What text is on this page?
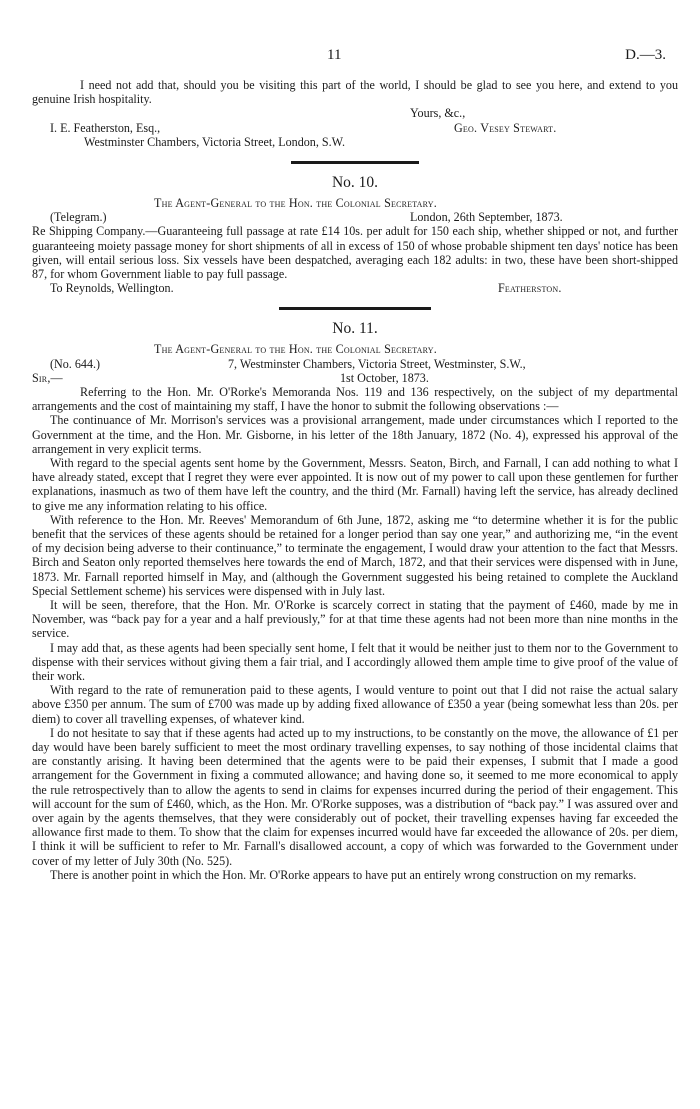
11	D.—3.

I need not add that, should you be visiting this part of the world, I should be glad to see you here, and extend to you genuine Irish hospitality.

Yours, &c.,
I. E. Featherston, Esq.,	Geo. Vesey Stewart.
Westminster Chambers, Victoria Street, London, S.W.
No. 10.
The Agent-General to the Hon. the Colonial Secretary.
(Telegram.)	London, 26th September, 1873.

Re Shipping Company.—Guaranteeing full passage at rate £14 10s. per adult for 150 each ship, whether shipped or not, and further guaranteeing moiety passage money for short shipments of all in excess of 150 of whose probable shipment ten days' notice has been given, will entail serious loss. Six vessels have been despatched, averaging each 182 adults: in two, these have been short-shipped 87, for whom Government liable to pay full passage.

To Reynolds, Wellington.	Featherston.
No. 11.
The Agent-General to the Hon. the Colonial Secretary.
(No. 644.)	7, Westminster Chambers, Victoria Street, Westminster, S.W.,
Sir,—	1st October, 1873.

Referring to the Hon. Mr. O'Rorke's Memoranda Nos. 119 and 136 respectively, on the subject of my departmental arrangements and the cost of maintaining my staff, I have the honor to submit the following observations :—

The continuance of Mr. Morrison's services was a provisional arrangement, made under circumstances which I reported to the Government at the time, and the Hon. Mr. Gisborne, in his letter of the 18th January, 1872 (No. 4), expressed his approval of the arrangement in very explicit terms.

With regard to the special agents sent home by the Government, Messrs. Seaton, Birch, and Farnall, I can add nothing to what I have already stated, except that I regret they were ever appointed. It is now out of my power to call upon these gentlemen for further explanations, inasmuch as two of them have left the country, and the third (Mr. Farnall) having left the service, has already declined to give me any information relating to his office.

With reference to the Hon. Mr. Reeves' Memorandum of 6th June, 1872, asking me “to determine whether it is for the public benefit that the services of these agents should be retained for a longer period than say one year,” and authorizing me, “in the event of my decision being adverse to their continuance,” to terminate the engagement, I would draw your attention to the fact that Messrs. Birch and Seaton only reported themselves here towards the end of March, 1872, and that their services were dispensed with in June, 1873. Mr. Farnall reported himself in May, and (although the Government suggested his being retained to complete the Auckland Special Settlement scheme) his services were dispensed with in July last.

It will be seen, therefore, that the Hon. Mr. O'Rorke is scarcely correct in stating that the payment of £460, made by me in November, was “back pay for a year and a half previously,” for at that time these agents had not been more than nine months in the service.

I may add that, as these agents had been specially sent home, I felt that it would be neither just to them nor to the Government to dispense with their services without giving them a fair trial, and I accordingly allowed them ample time to give proof of the value of their work.

With regard to the rate of remuneration paid to these agents, I would venture to point out that I did not raise the actual salary above £350 per annum. The sum of £700 was made up by adding fixed allowance of £350 a year (being somewhat less than 20s. per diem) to cover all travelling expenses, of whatever kind.

I do not hesitate to say that if these agents had acted up to my instructions, to be constantly on the move, the allowance of £1 per day would have been barely sufficient to meet the most ordinary travelling expenses, to say nothing of those incidental claims that are constantly arising. It having been determined that the agents were to be paid their expenses, I submit that I made a good arrangement for the Government in fixing a commuted allowance; and having done so, it seemed to me more economical to apply the rule retrospectively than to allow the agents to send in claims for expenses incurred during the period of their engagement. This will account for the sum of £460, which, as the Hon. Mr. O'Rorke supposes, was a distribution of “back pay.” I was assured over and over again by the agents themselves, that they were considerably out of pocket, their travelling expenses having far exceeded the allowance first made to them. To show that the claim for expenses incurred would have far exceeded the allowance of 20s. per diem, I think it will be sufficient to refer to Mr. Farnall's disallowed account, a copy of which was forwarded to the Government under cover of my letter of July 30th (No. 525).

There is another point in which the Hon. Mr. O'Rorke appears to have put an entirely wrong construction on my remarks.
